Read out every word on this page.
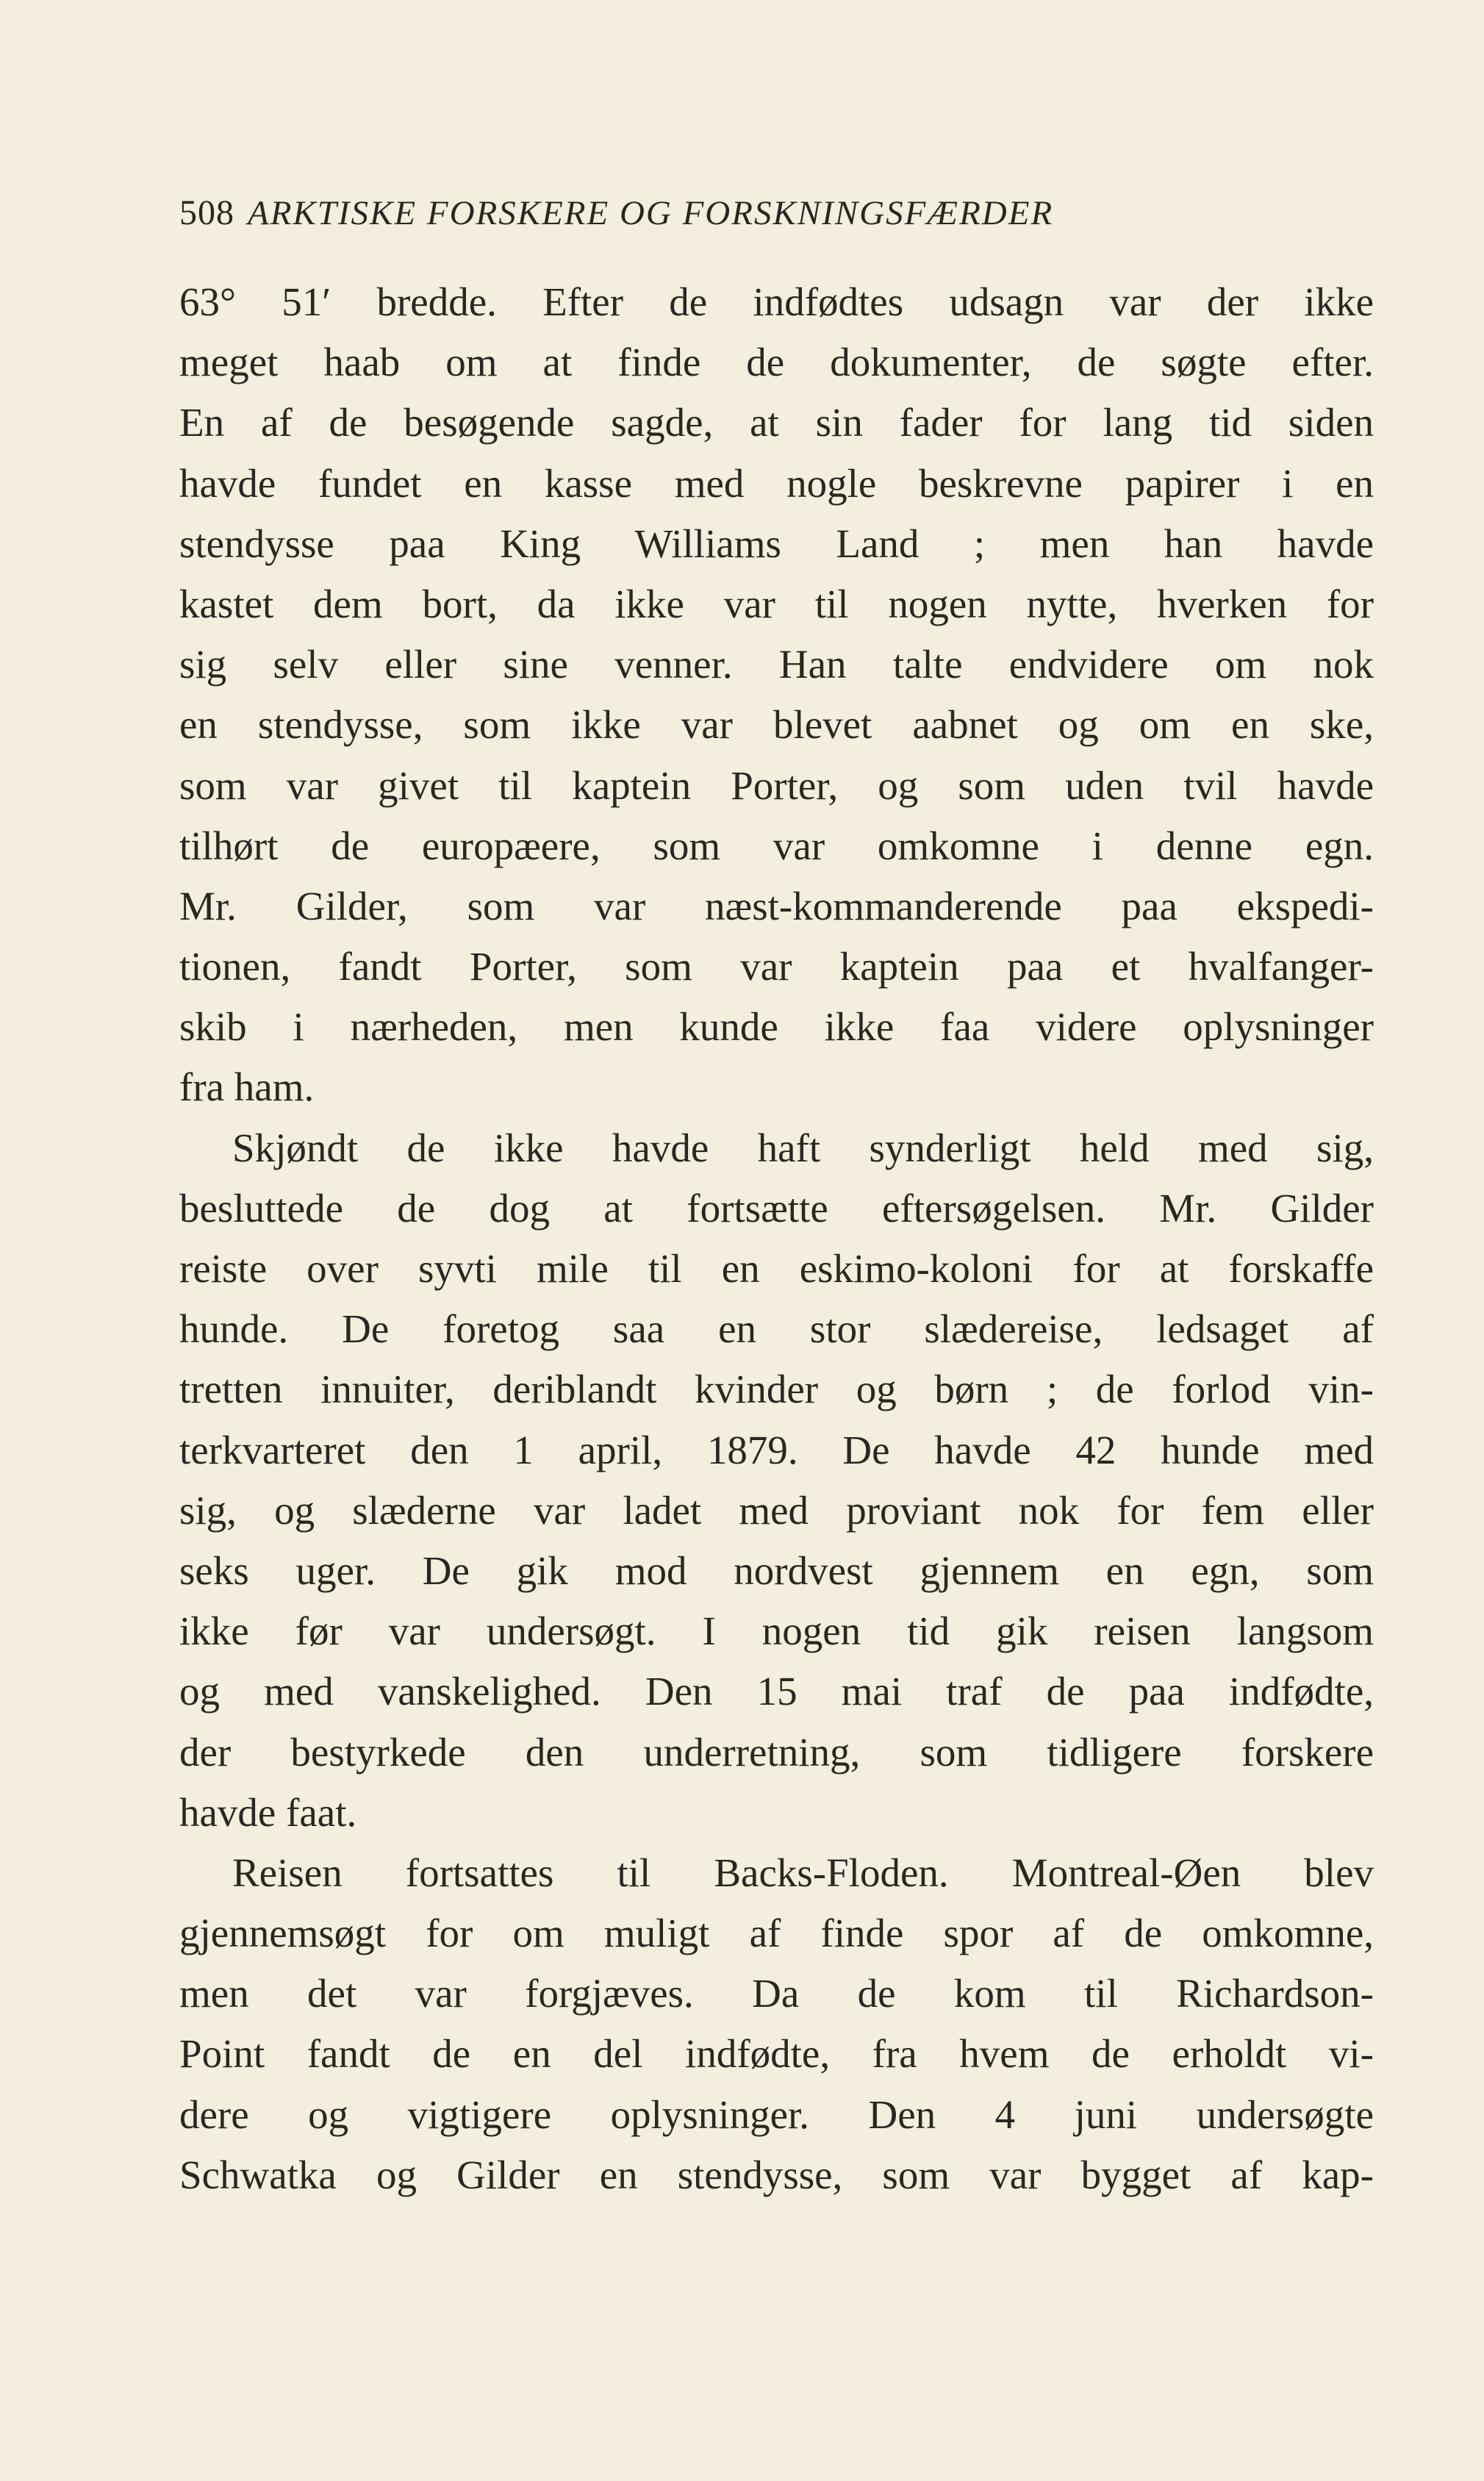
508 ARKTISKE FORSKERE OG FORSKNINGSFÆRDER
63° 51′ bredde. Efter de indfødtes udsagn var der ikke
meget haab om at finde de dokumenter, de søgte efter.
En af de besøgende sagde, at sin fader for lang tid siden
havde fundet en kasse med nogle beskrevne papirer i en
stendysse paa King Williams Land ; men han havde
kastet dem bort, da ikke var til nogen nytte, hverken for
sig selv eller sine venner. Han talte endvidere om nok
en stendysse, som ikke var blevet aabnet og om en ske,
som var givet til kaptein Porter, og som uden tvil havde
tilhørt de europæere, som var omkomne i denne egn.
Mr. Gilder, som var næst-kommanderende paa ekspedi-
tionen, fandt Porter, som var kaptein paa et hvalfanger-
skib i nærheden, men kunde ikke faa videre oplysninger
fra ham.
Skjøndt de ikke havde haft synderligt held med sig,
besluttede de dog at fortsætte eftersøgelsen. Mr. Gilder
reiste over syvti mile til en eskimo-koloni for at forskaffe
hunde. De foretog saa en stor slædereise, ledsaget af
tretten innuiter, deriblandt kvinder og børn ; de forlod vin-
terkvarteret den 1 april, 1879. De havde 42 hunde med
sig, og slæderne var ladet med proviant nok for fem eller
seks uger. De gik mod nordvest gjennem en egn, som
ikke før var undersøgt. I nogen tid gik reisen langsom
og med vanskelighed. Den 15 mai traf de paa indfødte,
der bestyrkede den underretning, som tidligere forskere
havde faat.
Reisen fortsattes til Backs-Floden. Montreal-Øen blev
gjennemsøgt for om muligt af finde spor af de omkomne,
men det var forgjæves. Da de kom til Richardson-
Point fandt de en del indfødte, fra hvem de erholdt vi-
dere og vigtigere oplysninger. Den 4 juni undersøgte
Schwatka og Gilder en stendysse, som var bygget af kap-
